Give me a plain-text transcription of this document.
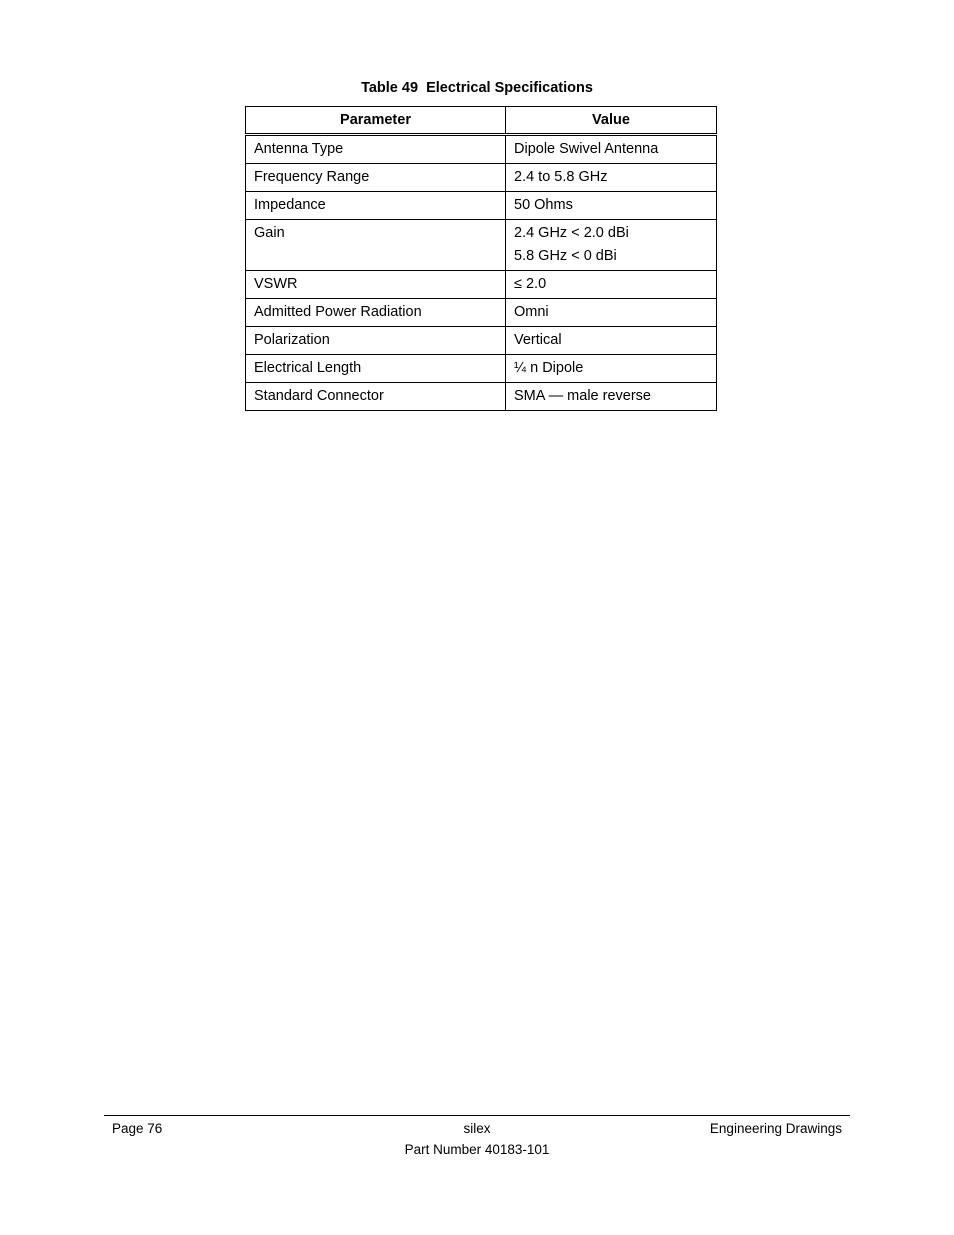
Table 49  Electrical Specifications
Parameter	Value
Antenna Type	Dipole Swivel Antenna

Frequency Range	2.4 to 5.8 GHz

Impedance	50 Ohms

Gain	2.4 GHz < 2.0 dBi
5.8 GHz < 0 dBi

VSWR	≤ 2.0

Admitted Power Radiation	Omni

Polarization	Vertical

Electrical Length	¼ n Dipole

Standard Connector	SMA — male reverse
Page 76	silex	Engineering Drawings
Part Number 40183-101
